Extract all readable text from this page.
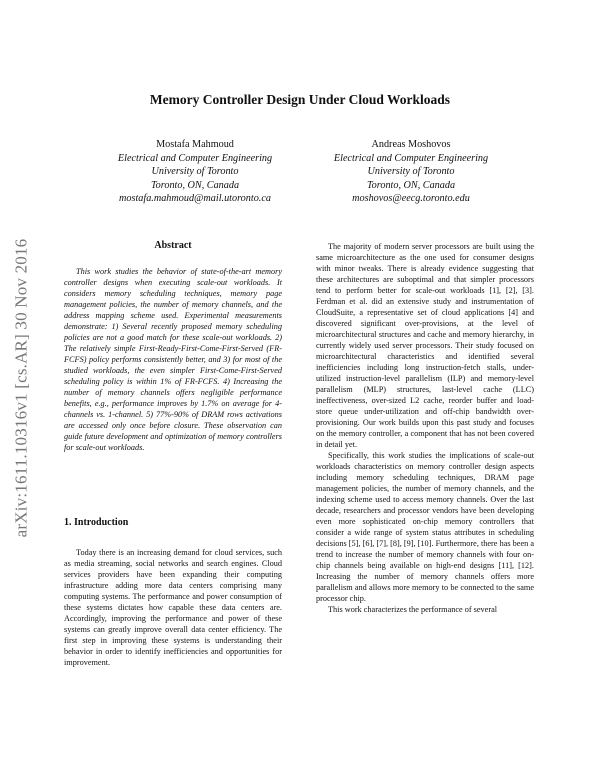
arXiv:1611.10316v1 [cs.AR] 30 Nov 2016
Memory Controller Design Under Cloud Workloads
Mostafa Mahmoud
Electrical and Computer Engineering
University of Toronto
Toronto, ON, Canada
mostafa.mahmoud@mail.utoronto.ca
Andreas Moshovos
Electrical and Computer Engineering
University of Toronto
Toronto, ON, Canada
moshovos@eecg.toronto.edu
Abstract

This work studies the behavior of state-of-the-art memory controller designs when executing scale-out workloads. It considers memory scheduling techniques, memory page management policies, the number of memory channels, and the address mapping scheme used. Experimental measurements demonstrate: 1) Several recently proposed memory scheduling policies are not a good match for these scale-out workloads. 2) The relatively simple First-Ready-First-Come-First-Served (FR-FCFS) policy performs consistently better, and 3) for most of the studied workloads, the even simpler First-Come-First-Served scheduling policy is within 1% of FR-FCFS. 4) Increasing the number of memory channels offers negligible performance benefits, e.g., performance improves by 1.7% on average for 4-channels vs. 1-channel. 5) 77%-90% of DRAM rows activations are accessed only once before closure. These observation can guide future development and optimization of memory controllers for scale-out workloads.

1. Introduction

Today there is an increasing demand for cloud services, such as media streaming, social networks and search engines. Cloud services providers have been expanding their computing infrastructure adding more data centers comprising many computing systems. The performance and power consumption of these systems dictates how capable these data centers are. Accordingly, improving the performance and power of these systems can greatly improve overall data center efficiency. The first step in improving these systems is understanding their behavior in order to identify inefficiencies and opportunities for improvement.

The majority of modern server processors are built using the same microarchitecture as the one used for consumer designs with minor tweaks. There is already evidence suggesting that these architectures are suboptimal and that simpler processors tend to perform better for scale-out workloads [1], [2], [3]. Ferdman et al. did an extensive study and instrumentation of CloudSuite, a representative set of cloud applications [4] and discovered significant over-provisions, at the level of microarchitectural structures and cache and memory hierarchy, in currently widely used server processors. Their study focused on microarchitectural characteristics and identified several inefficiencies including long instruction-fetch stalls, under-utilized instruction-level parallelism (ILP) and memory-level parallelism (MLP) structures, last-level cache (LLC) ineffectiveness, over-sized L2 cache, reorder buffer and load-store queue under-utilization and off-chip bandwidth over-provisioning. Our work builds upon this past study and focuses on the memory controller, a component that has not been covered in detail yet.

Specifically, this work studies the implications of scale-out workloads characteristics on memory controller design aspects including memory scheduling techniques, DRAM page management policies, the number of memory channels, and the indexing scheme used to access memory channels. Over the last decade, researchers and processor vendors have been developing even more sophisticated on-chip memory controllers that consider a wide range of system status attributes in scheduling decisions [5], [6], [7], [8], [9], [10]. Furthermore, there has been a trend to increase the number of memory channels with four on-chip channels being available on high-end designs [11], [12]. Increasing the number of memory channels offers more parallelism and allows more memory to be connected to the same processor chip.

This work characterizes the performance of several
